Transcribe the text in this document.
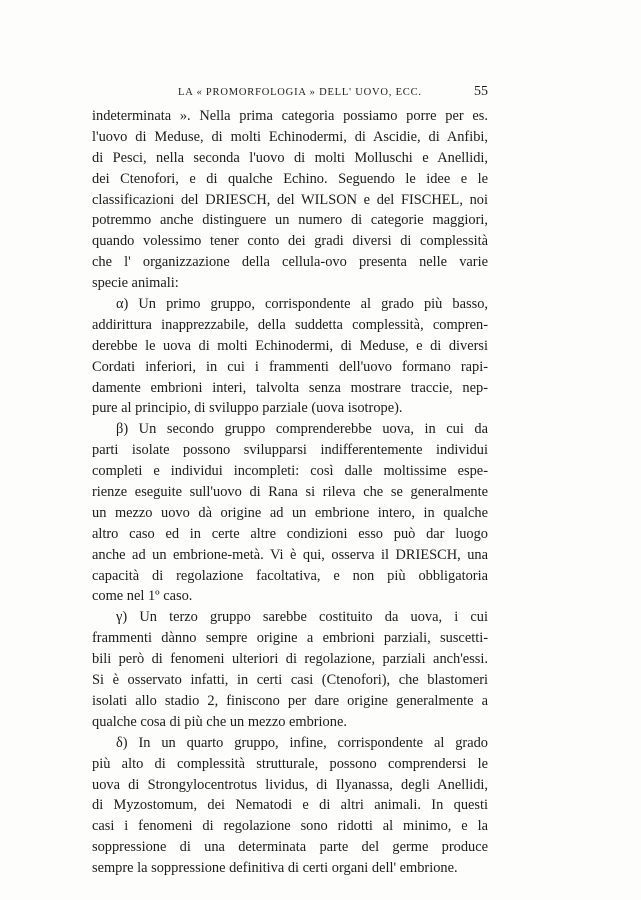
LA « PROMORFOLOGIA » DELL' UOVO, ECC.	55
indeterminata ». Nella prima categoria possiamo porre per es.
l'uovo di Meduse, di molti Echinodermi, di Ascidie, di Anfibi,
di Pesci, nella seconda l'uovo di molti Molluschi e Anellidi,
dei Ctenofori, e di qualche Echino. Seguendo le idee e le
classificazioni del DRIESCH, del WILSON e del FISCHEL, noi
potremmo anche distinguere un numero di categorie maggiori,
quando volessimo tener conto dei gradi diversi di complessità
che l' organizzazione della cellula-ovo presenta nelle varie
specie animali:
α) Un primo gruppo, corrispondente al grado più basso,
addirittura inapprezzabile, della suddetta complessità, compren-
derebbe le uova di molti Echinodermi, di Meduse, e di diversi
Cordati inferiori, in cui i frammenti dell'uovo formano rapi-
damente embrioni interi, talvolta senza mostrare traccie, nep-
pure al principio, di sviluppo parziale (uova isotrope).
β) Un secondo gruppo comprenderebbe uova, in cui da
parti isolate possono svilupparsi indifferentemente individui
completi e individui incompleti: così dalle moltissime espe-
rienze eseguite sull'uovo di Rana si rileva che se generalmente
un mezzo uovo dà origine ad un embrione intero, in qualche
altro caso ed in certe altre condizioni esso può dar luogo
anche ad un embrione-metà. Vi è qui, osserva il DRIESCH, una
capacità di regolazione facoltativa, e non più obbligatoria
come nel 1º caso.
γ) Un terzo gruppo sarebbe costituito da uova, i cui
frammenti dànno sempre origine a embrioni parziali, suscetti-
bili però di fenomeni ulteriori di regolazione, parziali anch'essi.
Si è osservato infatti, in certi casi (Ctenofori), che blastomeri
isolati allo stadio 2, finiscono per dare origine generalmente a
qualche cosa di più che un mezzo embrione.
δ) In un quarto gruppo, infine, corrispondente al grado
più alto di complessità strutturale, possono comprendersi le
uova di Strongylocentrotus lividus, di Ilyanassa, degli Anellidi,
di Myzostomum, dei Nematodi e di altri animali. In questi
casi i fenomeni di regolazione sono ridotti al minimo, e la
soppressione di una determinata parte del germe produce
sempre la soppressione definitiva di certi organi dell' embrione.
